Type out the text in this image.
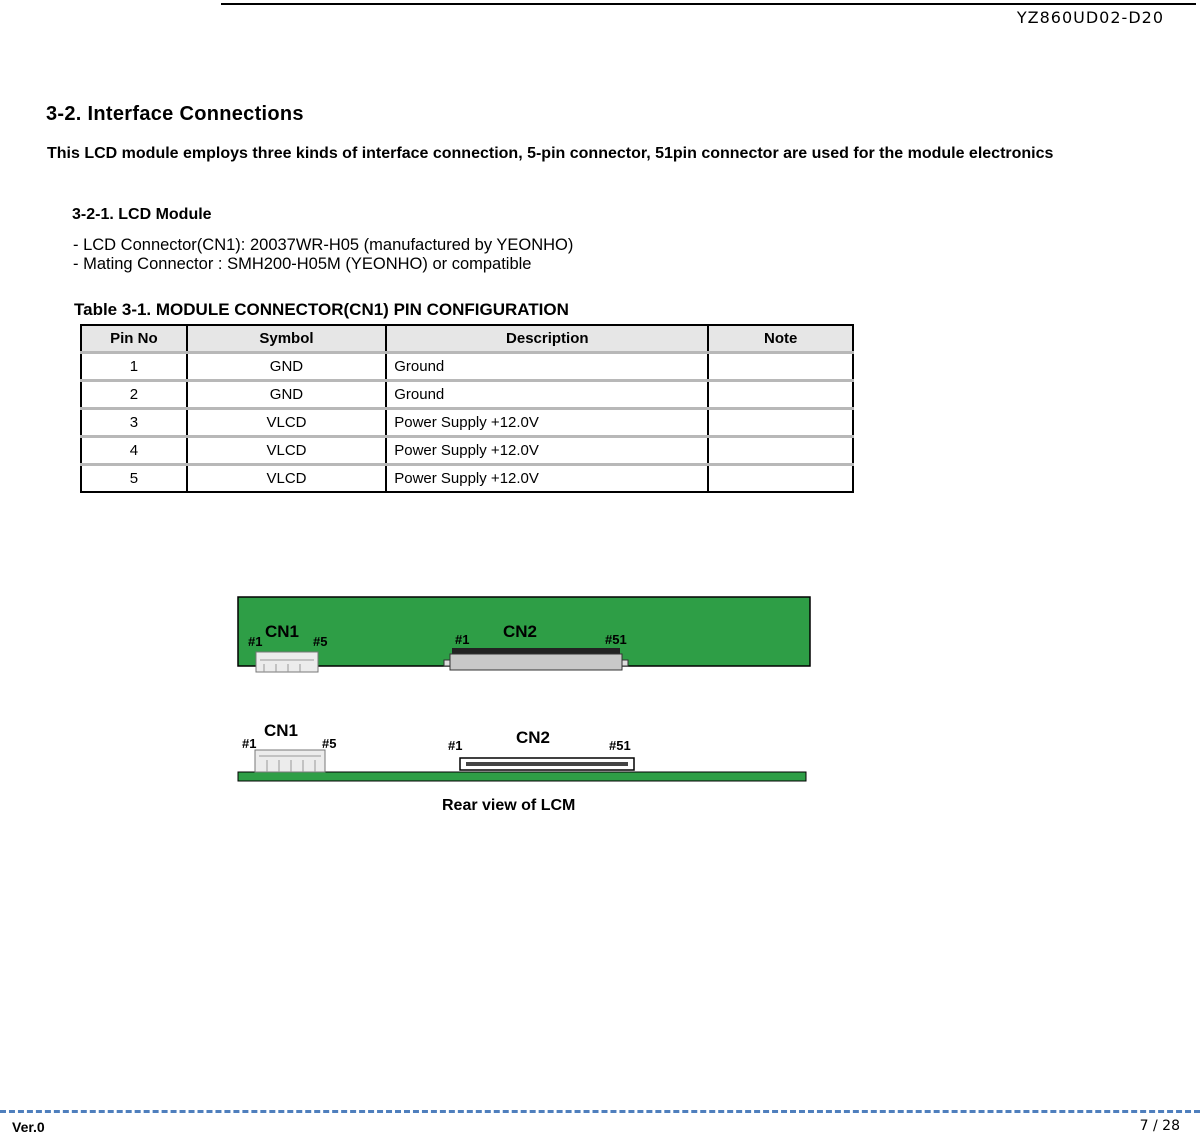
YZ860UD02-D20
3-2. Interface Connections
This LCD module employs three kinds of interface connection, 5-pin connector, 51pin connector are used for the module electronics
3-2-1. LCD Module
- LCD Connector(CN1): 20037WR-H05 (manufactured by YEONHO)
- Mating Connector : SMH200-H05M (YEONHO) or compatible
Table 3-1. MODULE CONNECTOR(CN1) PIN CONFIGURATION
Pin No	Symbol	Description	Note
1	GND	Ground	
2	GND	Ground	
3	VLCD	Power Supply +12.0V	
4	VLCD	Power Supply +12.0V	
5	VLCD	Power Supply +12.0V	
CN1
#1	#5
CN2
#1	#51
CN1
#1	#5	CN2
#1	#51
Rear view of LCM
Ver.0	7 / 28
